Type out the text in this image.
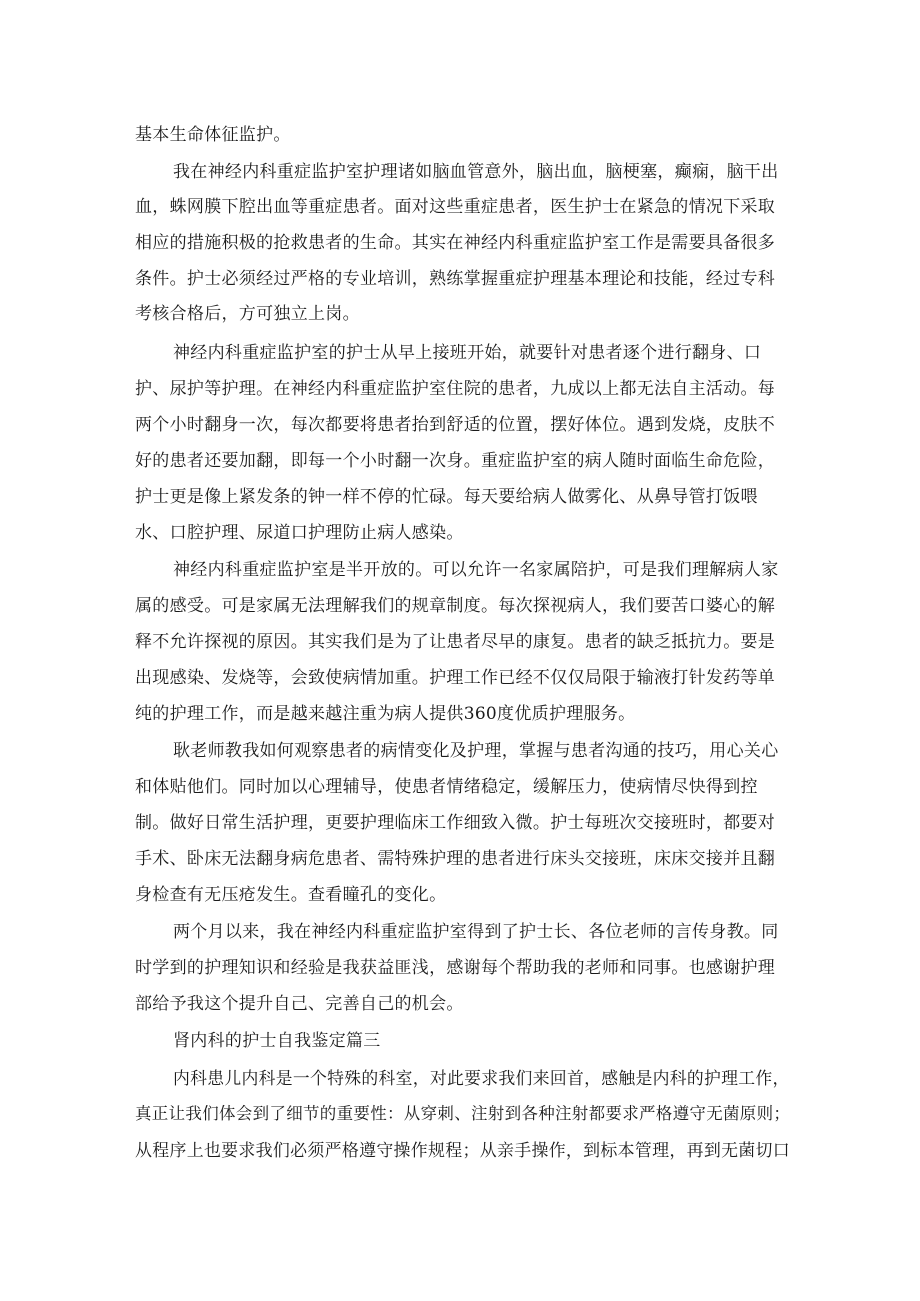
基本生命体征监护。
我在神经内科重症监护室护理诸如脑血管意外，脑出血，脑梗塞，癫痫，脑干出
血，蛛网膜下腔出血等重症患者。面对这些重症患者，医生护士在紧急的情况下采取
相应的措施积极的抢救患者的生命。其实在神经内科重症监护室工作是需要具备很多
条件。护士必须经过严格的专业培训，熟练掌握重症护理基本理论和技能，经过专科
考核合格后，方可独立上岗。
神经内科重症监护室的护士从早上接班开始，就要针对患者逐个进行翻身、口
护、尿护等护理。在神经内科重症监护室住院的患者，九成以上都无法自主活动。每
两个小时翻身一次，每次都要将患者抬到舒适的位置，摆好体位。遇到发烧，皮肤不
好的患者还要加翻，即每一个小时翻一次身。重症监护室的病人随时面临生命危险，
护士更是像上紧发条的钟一样不停的忙碌。每天要给病人做雾化、从鼻导管打饭喂
水、口腔护理、尿道口护理防止病人感染。
神经内科重症监护室是半开放的。可以允许一名家属陪护，可是我们理解病人家
属的感受。可是家属无法理解我们的规章制度。每次探视病人，我们要苦口婆心的解
释不允许探视的原因。其实我们是为了让患者尽早的康复。患者的缺乏抵抗力。要是
出现感染、发烧等，会致使病情加重。护理工作已经不仅仅局限于输液打针发药等单
纯的护理工作，而是越来越注重为病人提供360度优质护理服务。
耿老师教我如何观察患者的病情变化及护理，掌握与患者沟通的技巧，用心关心
和体贴他们。同时加以心理辅导，使患者情绪稳定，缓解压力，使病情尽快得到控
制。做好日常生活护理，更要护理临床工作细致入微。护士每班次交接班时，都要对
手术、卧床无法翻身病危患者、需特殊护理的患者进行床头交接班，床床交接并且翻
身检查有无压疮发生。查看瞳孔的变化。
两个月以来，我在神经内科重症监护室得到了护士长、各位老师的言传身教。同
时学到的护理知识和经验是我获益匪浅，感谢每个帮助我的老师和同事。也感谢护理
部给予我这个提升自己、完善自己的机会。
肾内科的护士自我鉴定篇三
内科患儿内科是一个特殊的科室，对此要求我们来回首，感触是内科的护理工作，
真正让我们体会到了细节的重要性：从穿刺、注射到各种注射都要求严格遵守无菌原则；
从程序上也要求我们必须严格遵守操作规程；从亲手操作，到标本管理，再到无菌切口
